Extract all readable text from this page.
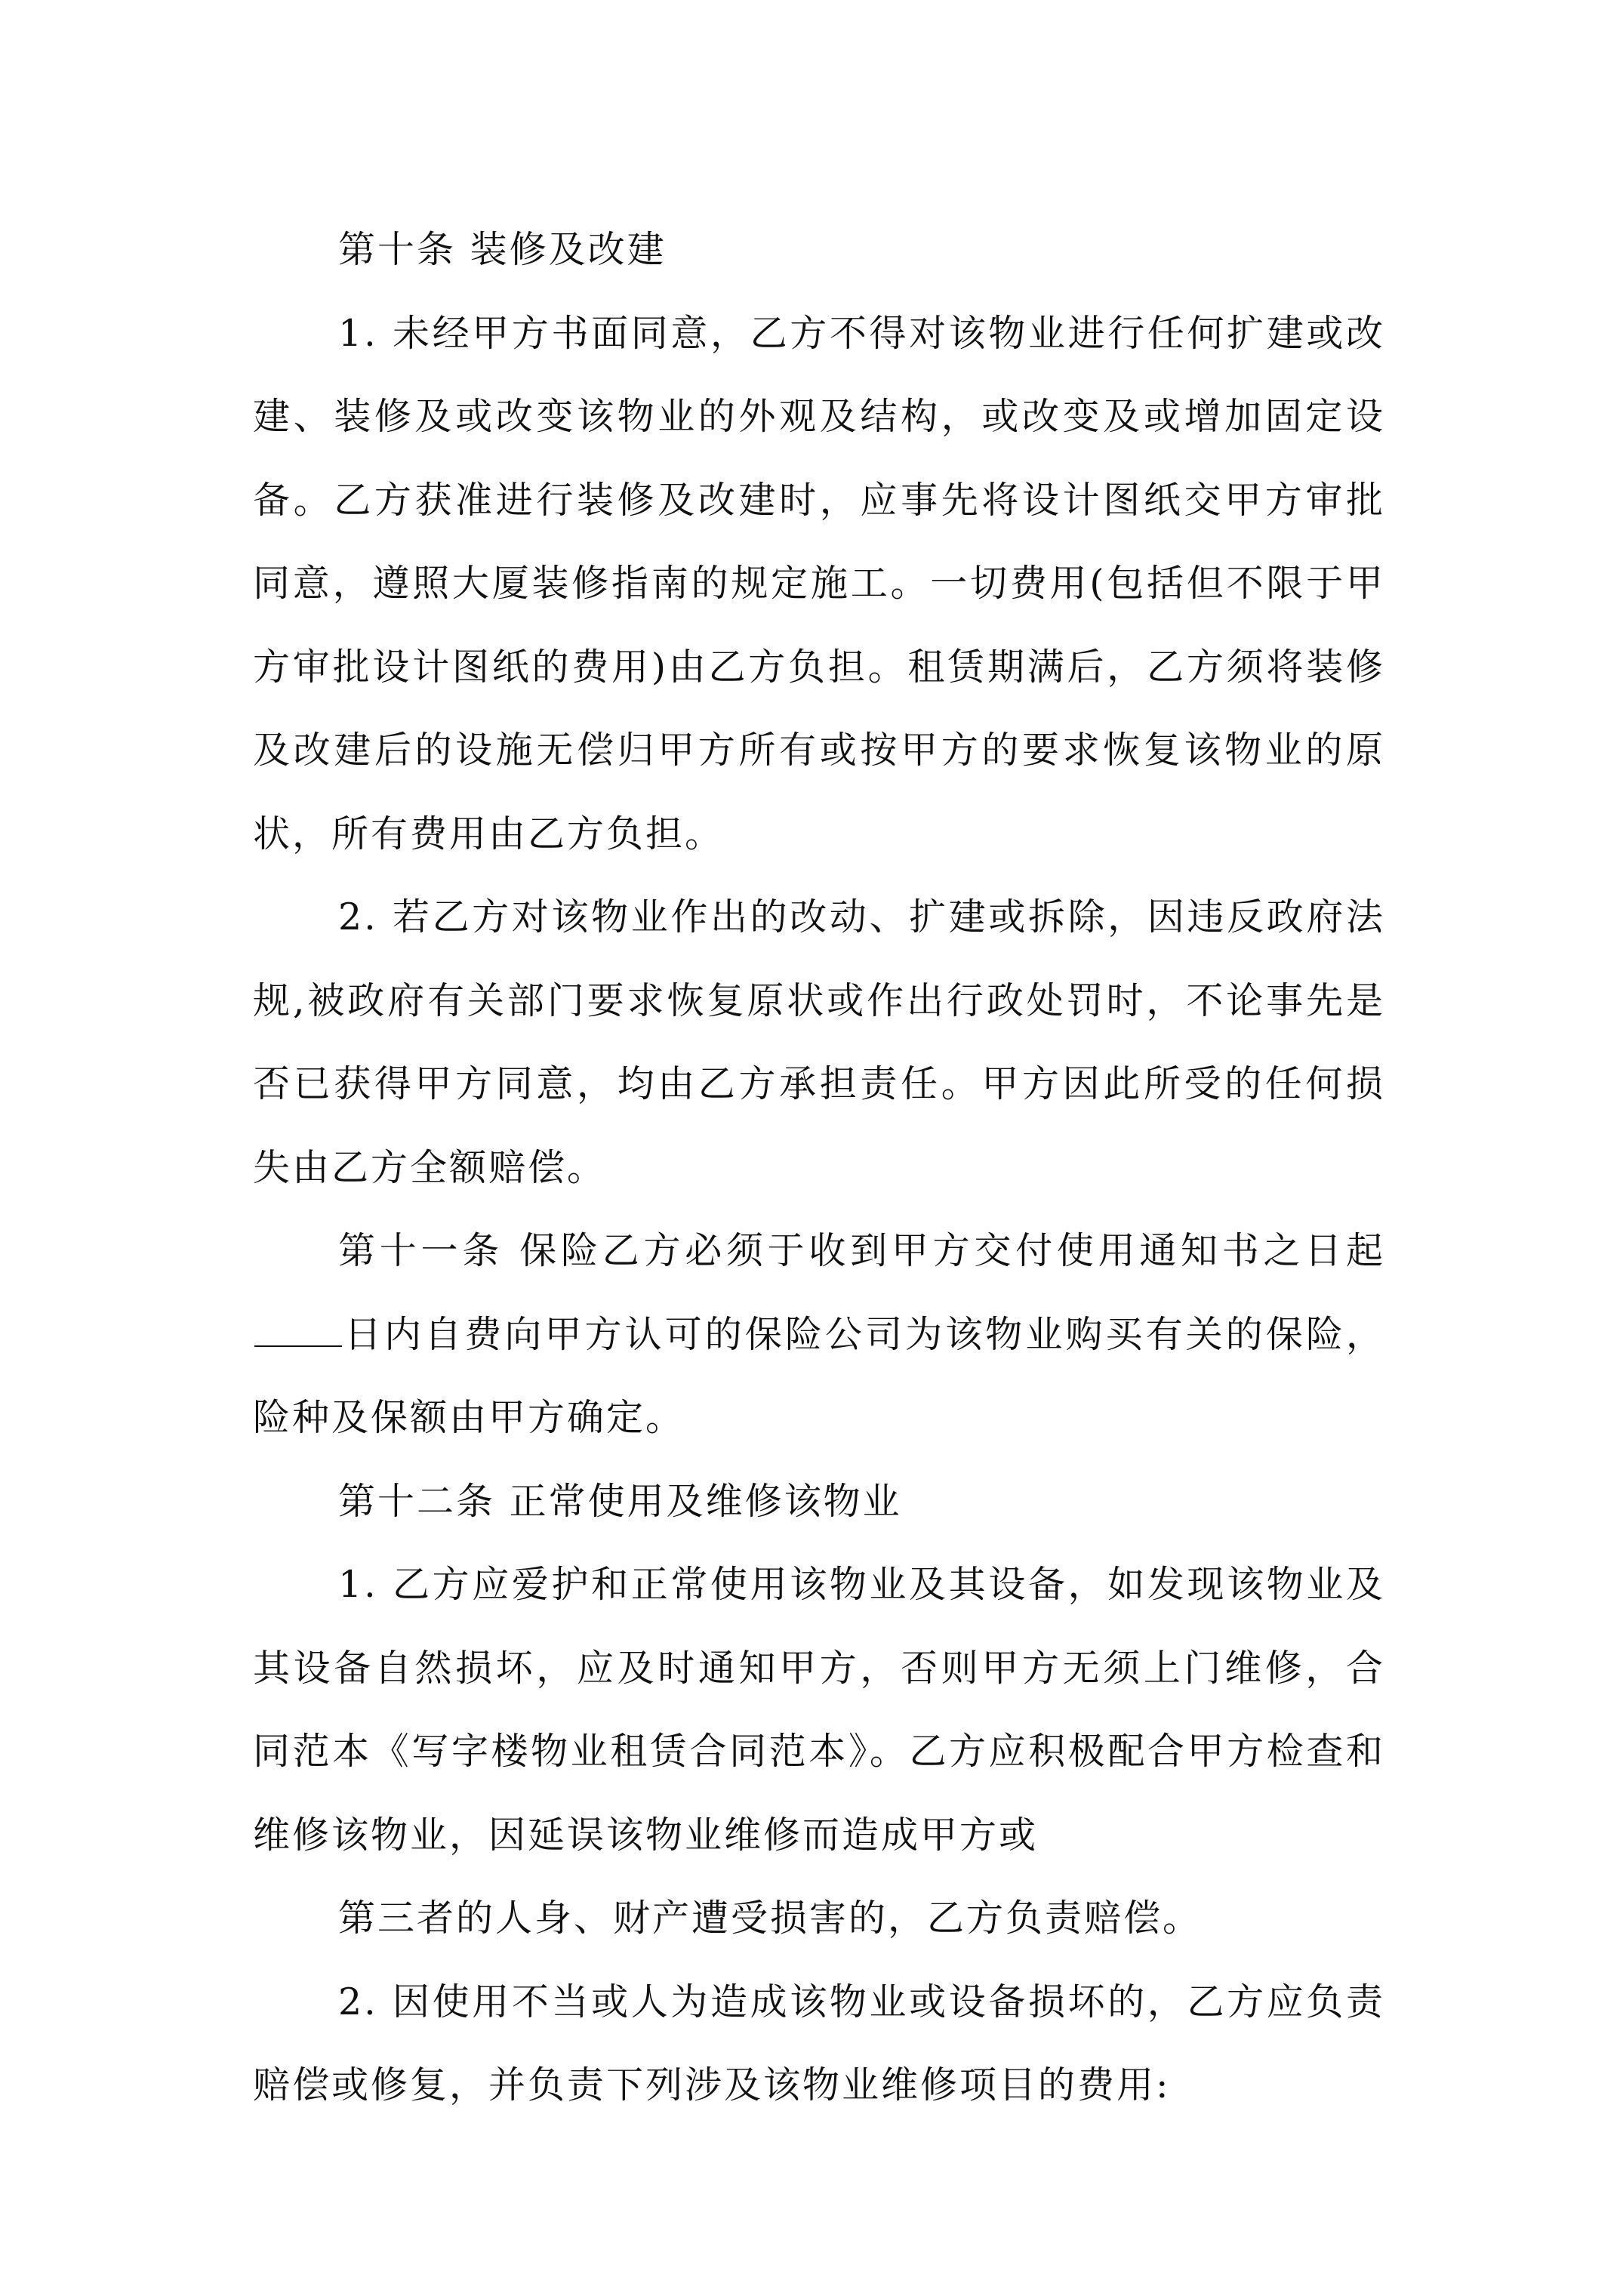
第十条 装修及改建

1. 未经甲方书面同意，乙方不得对该物业进行任何扩建或改建、装修及或改变该物业的外观及结构，或改变及或增加固定设备。乙方获准进行装修及改建时，应事先将设计图纸交甲方审批同意，遵照大厦装修指南的规定施工。一切费用(包括但不限于甲方审批设计图纸的费用)由乙方负担。租赁期满后，乙方须将装修及改建后的设施无偿归甲方所有或按甲方的要求恢复该物业的原状，所有费用由乙方负担。

2. 若乙方对该物业作出的改动、扩建或拆除，因违反政府法规,被政府有关部门要求恢复原状或作出行政处罚时，不论事先是否已获得甲方同意，均由乙方承担责任。甲方因此所受的任何损失由乙方全额赔偿。

第十一条 保险乙方必须于收到甲方交付使用通知书之日起日内自费向甲方认可的保险公司为该物业购买有关的保险，险种及保额由甲方确定。

第十二条 正常使用及维修该物业

1. 乙方应爱护和正常使用该物业及其设备，如发现该物业及其设备自然损坏，应及时通知甲方，否则甲方无须上门维修，合同范本《写字楼物业租赁合同范本》。乙方应积极配合甲方检查和维修该物业，因延误该物业维修而造成甲方或

第三者的人身、财产遭受损害的，乙方负责赔偿。

2. 因使用不当或人为造成该物业或设备损坏的，乙方应负责赔偿或修复，并负责下列涉及该物业维修项目的费用:
